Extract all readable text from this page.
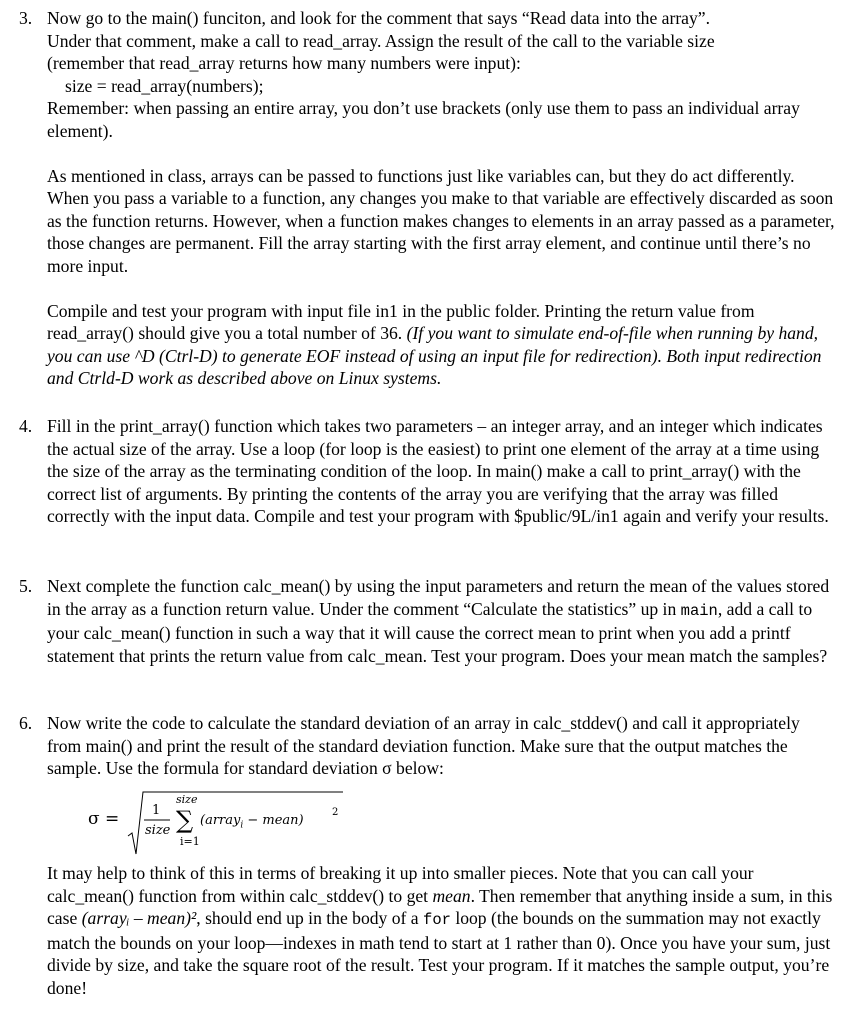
3. Now go to the main() funciton, and look for the comment that says “Read data into the array”.

Under that comment, make a call to read_array. Assign the result of the call to the variable size

(remember that read_array returns how many numbers were input):

size = read_array(numbers);

Remember: when passing an entire array, you don’t use brackets (only use them to pass an individual array element).

As mentioned in class, arrays can be passed to functions just like variables can, but they do act differently. When you pass a variable to a function, any changes you make to that variable are effectively discarded as soon as the function returns. However, when a function makes changes to elements in an array passed as a parameter, those changes are permanent. Fill the array starting with the first array element, and continue until there’s no more input.

Compile and test your program with input file in1 in the public folder. Printing the return value from read_array() should give you a total number of 36. (If you want to simulate end-of-file when running by hand, you can use ^D (Ctrl-D) to generate EOF instead of using an input file for redirection). Both input redirection and Ctrld-D work as described above on Linux systems.

4. Fill in the print_array() function which takes two parameters – an integer array, and an integer which indicates the actual size of the array. Use a loop (for loop is the easiest) to print one element of the array at a time using the size of the array as the terminating condition of the loop. In main() make a call to print_array() with the correct list of arguments. By printing the contents of the array you are verifying that the array was filled correctly with the input data. Compile and test your program with $public/9L/in1 again and verify your results.

5. Next complete the function calc_mean() by using the input parameters and return the mean of the values stored in the array as a function return value. Under the comment “Calculate the statistics” up in main, add a call to your calc_mean() function in such a way that it will cause the correct mean to print when you add a printf statement that prints the return value from calc_mean. Test your program. Does your mean match the samples?

6. Now write the code to calculate the standard deviation of an array in calc_stddev() and call it appropriately from main() and print the result of the standard deviation function. Make sure that the output matches the sample. Use the formula for standard deviation σ below:

σ =	1
size
size
∑
i=1
(array$_i$ − mean)
2

It may help to think of this in terms of breaking it up into smaller pieces. Note that you can call your calc_mean() function from within calc_stddev() to get mean. Then remember that anything inside a sum, in this case (arrayᵢ – mean)², should end up in the body of a for loop (the bounds on the summation may not exactly match the bounds on your loop—indexes in math tend to start at 1 rather than 0). Once you have your sum, just divide by size, and take the square root of the result. Test your program. If it matches the sample output, you’re done!
